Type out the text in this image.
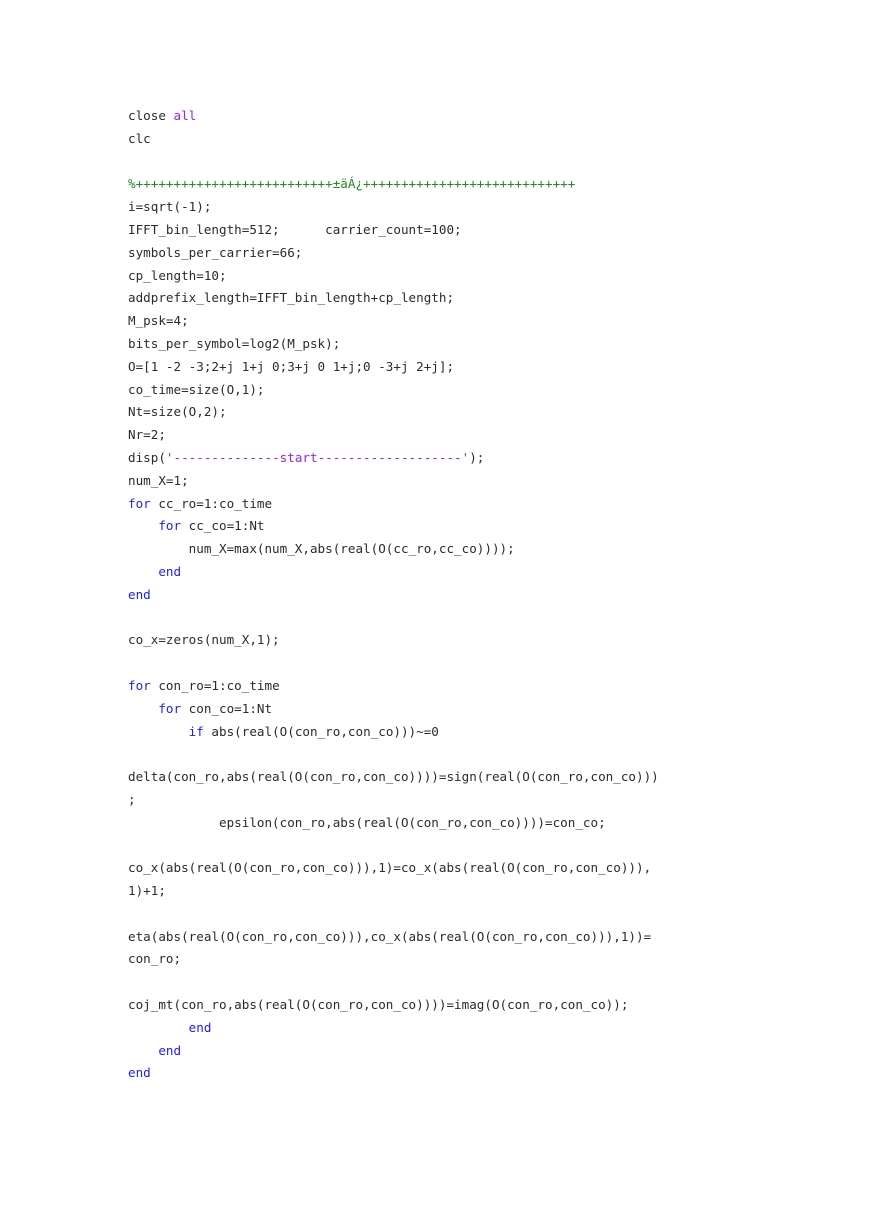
close all
clc
%++++++++++++++++++++++++++±äÁ¿++++++++++++++++++++++++++++
i=sqrt(-1);
IFFT_bin_length=512;      carrier_count=100;
symbols_per_carrier=66;
cp_length=10;
addprefix_length=IFFT_bin_length+cp_length;
M_psk=4;
bits_per_symbol=log2(M_psk);
O=[1 -2 -3;2+j 1+j 0;3+j 0 1+j;0 -3+j 2+j];
co_time=size(O,1);
Nt=size(O,2);
Nr=2;
disp('--------------start-------------------');
num_X=1;
for cc_ro=1:co_time
for cc_co=1:Nt
num_X=max(num_X,abs(real(O(cc_ro,cc_co))));
end
end
co_x=zeros(num_X,1);
for con_ro=1:co_time
for con_co=1:Nt
if abs(real(O(con_ro,con_co)))~=0
delta(con_ro,abs(real(O(con_ro,con_co))))=sign(real(O(con_ro,con_co)))
;
epsilon(con_ro,abs(real(O(con_ro,con_co))))=con_co;
co_x(abs(real(O(con_ro,con_co))),1)=co_x(abs(real(O(con_ro,con_co))),
1)+1;
eta(abs(real(O(con_ro,con_co))),co_x(abs(real(O(con_ro,con_co))),1))=
con_ro;
coj_mt(con_ro,abs(real(O(con_ro,con_co))))=imag(O(con_ro,con_co));
end
end
end
